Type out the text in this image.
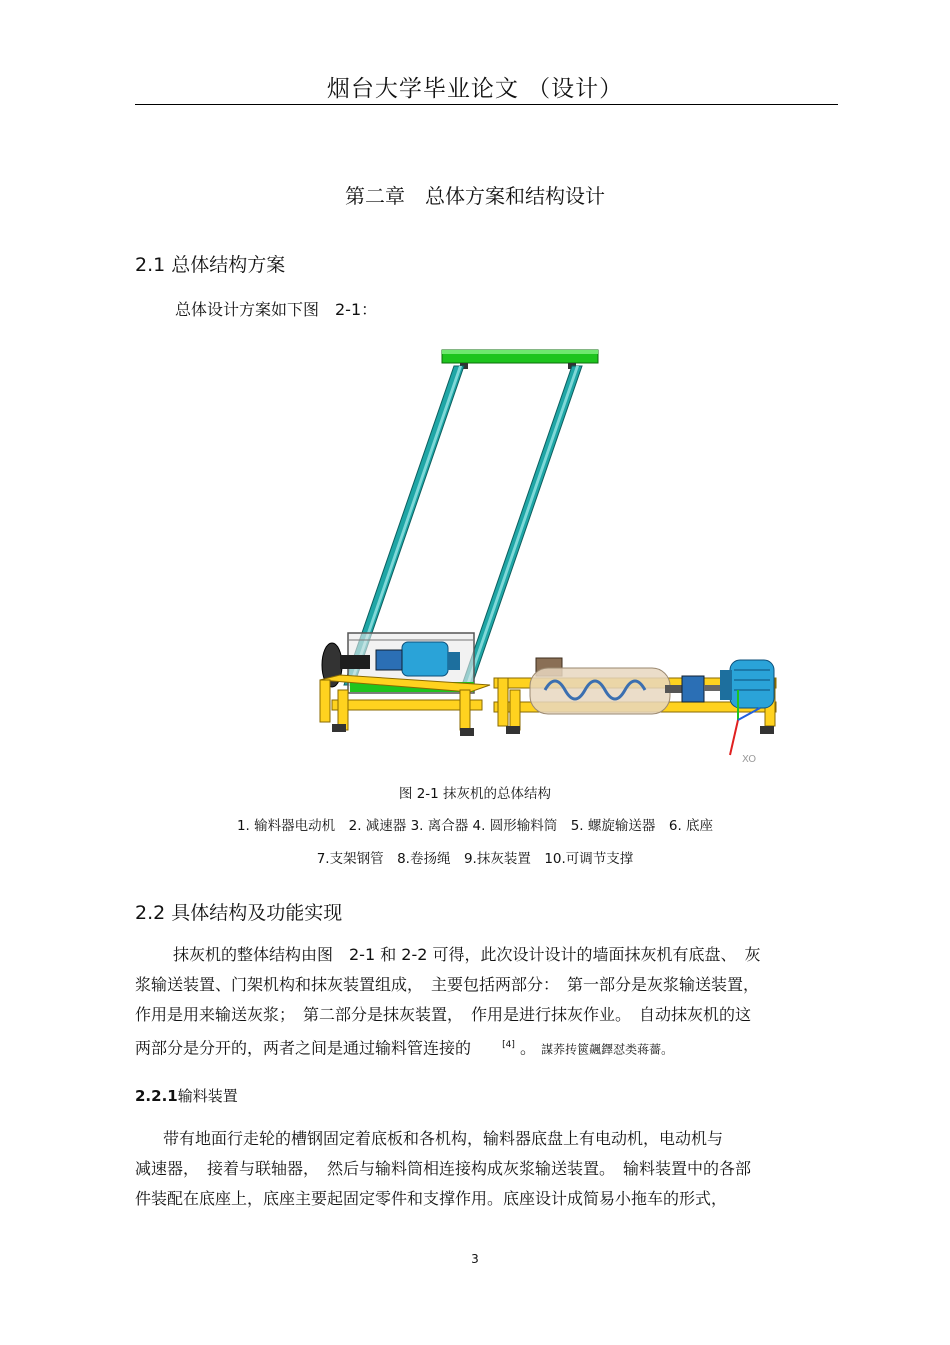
烟台大学毕业论文 （设计）
第二章　总体方案和结构设计
2.1 总体结构方案
总体设计方案如下图　2-1：
XO
图 2-1 抹灰机的总体结构
1. 输料器电动机　2. 减速器 3. 离合器 4. 圆形输料筒　5. 螺旋输送器　6. 底座
7.支架钢管　8.卷扬绳　9.抹灰装置　10.可调节支撑
2.2 具体结构及功能实现
抹灰机的整体结构由图　2-1 和 2-2 可得，此次设计设计的墙面抹灰机有底盘、　灰
浆输送装置、门架机构和抹灰装置组成，　主要包括两部分：　第一部分是灰浆输送装置，
作用是用来输送灰浆；　第二部分是抹灰装置，　作用是进行抹灰作业。　自动抹灰机的这
两部分是分开的，两者之间是通过输料管连接的	[4] 。 謀荞抟篋飆鐸怼类蒋薔。
2.2.1输料装置
带有地面行走轮的槽钢固定着底板和各机构，输料器底盘上有电动机，电动机与
减速器，　接着与联轴器，　然后与输料筒相连接构成灰浆输送装置。　输料装置中的各部
件装配在底座上，底座主要起固定零件和支撑作用。底座设计成简易小拖车的形式，
3
